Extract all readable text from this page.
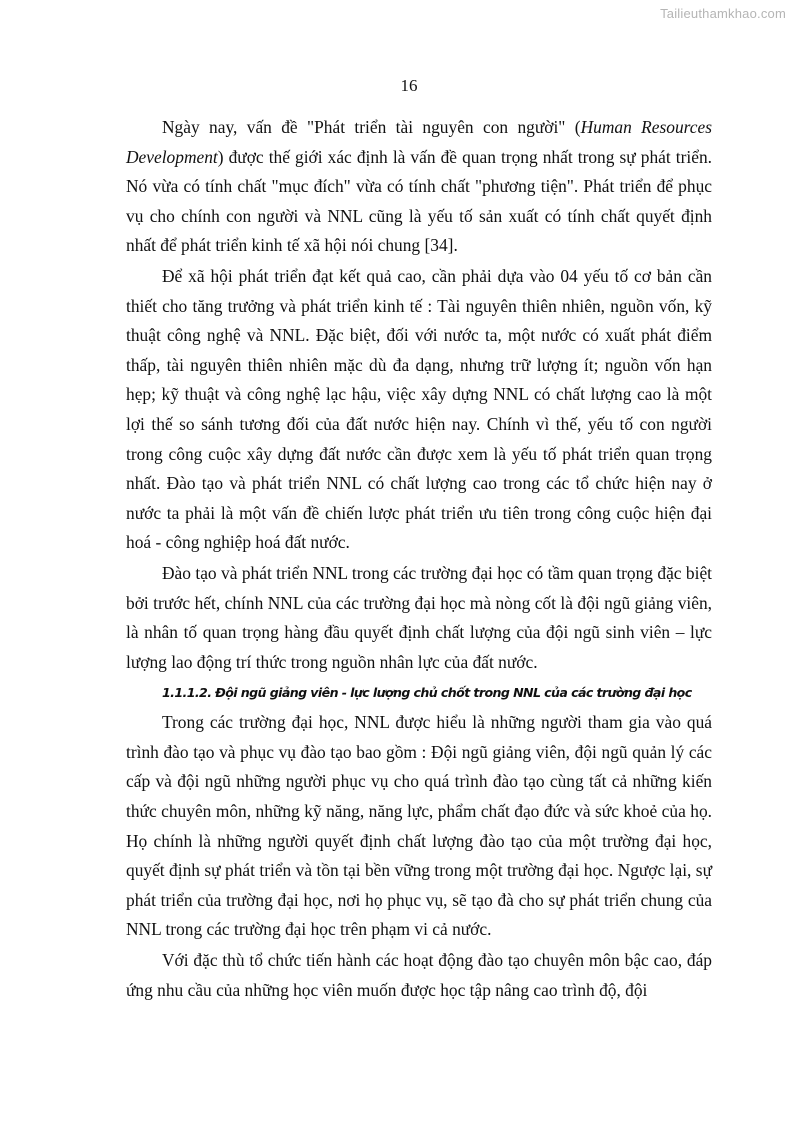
Tailieuthamkhao.com
16

Ngày nay, vấn đề "Phát triển tài nguyên con người" (Human Resources Development) được thế giới xác định là vấn đề quan trọng nhất trong sự phát triển. Nó vừa có tính chất "mục đích" vừa có tính chất "phương tiện". Phát triển để phục vụ cho chính con người và NNL cũng là yếu tố sản xuất có tính chất quyết định nhất để phát triển kinh tế xã hội nói chung [34].

Để xã hội phát triển đạt kết quả cao, cần phải dựa vào 04 yếu tố cơ bản cần thiết cho tăng trưởng và phát triển kinh tế : Tài nguyên thiên nhiên, nguồn vốn, kỹ thuật công nghệ và NNL. Đặc biệt, đối với nước ta, một nước có xuất phát điểm thấp, tài nguyên thiên nhiên mặc dù đa dạng, nhưng trữ lượng ít; nguồn vốn hạn hẹp; kỹ thuật và công nghệ lạc hậu, việc xây dựng NNL có chất lượng cao là một lợi thế so sánh tương đối của đất nước hiện nay. Chính vì thế, yếu tố con người trong công cuộc xây dựng đất nước cần được xem là yếu tố phát triển quan trọng nhất. Đào tạo và phát triển NNL có chất lượng cao trong các tổ chức hiện nay ở nước ta phải là một vấn đề chiến lược phát triển ưu tiên trong công cuộc hiện đại hoá - công nghiệp hoá đất nước.

Đào tạo và phát triển NNL trong các trường đại học có tầm quan trọng đặc biệt bởi trước hết, chính NNL của các trường đại học mà nòng cốt là đội ngũ giảng viên, là nhân tố quan trọng hàng đầu quyết định chất lượng của đội ngũ sinh viên – lực lượng lao động trí thức trong nguồn nhân lực của đất nước.

1.1.1.2. Đội ngũ giảng viên - lực lượng chủ chốt trong NNL của các trường đại học

Trong các trường đại học, NNL được hiểu là những người tham gia vào quá trình đào tạo và phục vụ đào tạo bao gồm : Đội ngũ giảng viên, đội ngũ quản lý các cấp và đội ngũ những người phục vụ cho quá trình đào tạo cùng tất cả những kiến thức chuyên môn, những kỹ năng, năng lực, phẩm chất đạo đức và sức khoẻ của họ. Họ chính là những người quyết định chất lượng đào tạo của một trường đại học, quyết định sự phát triển và tồn tại bền vững trong một trường đại học. Ngược lại, sự phát triển của trường đại học, nơi họ phục vụ, sẽ tạo đà cho sự phát triển chung của NNL trong các trường đại học trên phạm vi cả nước.

Với đặc thù tổ chức tiến hành các hoạt động đào tạo chuyên môn bậc cao, đáp ứng nhu cầu của những học viên muốn được học tập nâng cao trình độ, đội
